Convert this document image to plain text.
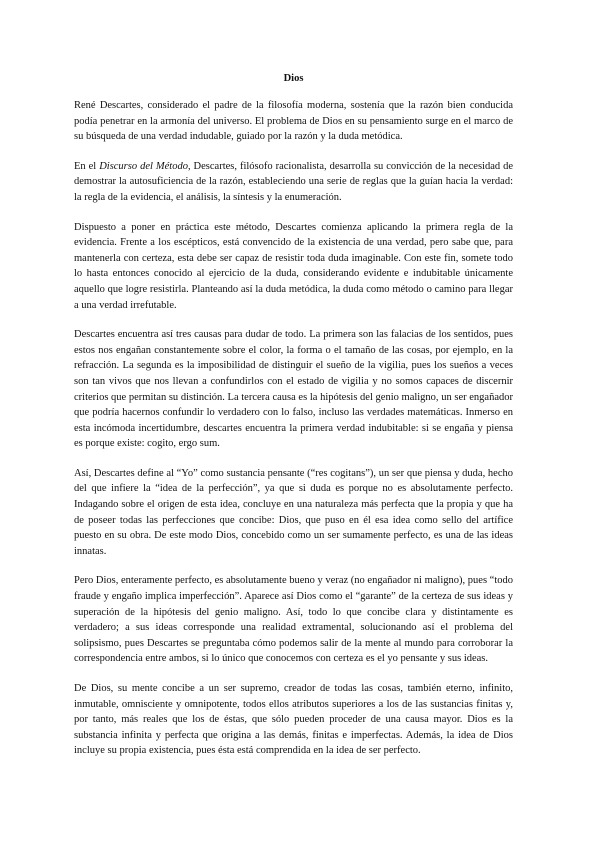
Dios

René Descartes, considerado el padre de la filosofía moderna, sostenía que la razón bien conducida podía penetrar en la armonía del universo. El problema de Dios en su pensamiento surge en el marco de su búsqueda de una verdad indudable, guiado por la razón y la duda metódica.

En el Discurso del Método, Descartes, filósofo racionalista, desarrolla su convicción de la necesidad de demostrar la autosuficiencia de la razón, estableciendo una serie de reglas que la guían hacia la verdad: la regla de la evidencia, el análisis, la síntesis y la enumeración.

Dispuesto a poner en práctica este método, Descartes comienza aplicando la primera regla de la evidencia. Frente a los escépticos, está convencido de la existencia de una verdad, pero sabe que, para mantenerla con certeza, esta debe ser capaz de resistir toda duda imaginable. Con este fin, somete todo lo hasta entonces conocido al ejercicio de la duda, considerando evidente e indubitable únicamente aquello que logre resistirla. Planteando así la duda metódica, la duda como método o camino para llegar a una verdad irrefutable.

Descartes encuentra así tres causas para dudar de todo. La primera son las falacias de los sentidos, pues estos nos engañan constantemente sobre el color, la forma o el tamaño de las cosas, por ejemplo, en la refracción. La segunda es la imposibilidad de distinguir el sueño de la vigilia, pues los sueños a veces son tan vivos que nos llevan a confundirlos con el estado de vigilia y no somos capaces de discernir criterios que permitan su distinción. La tercera causa es la hipótesis del genio maligno, un ser engañador que podría hacernos confundir lo verdadero con lo falso, incluso las verdades matemáticas. Inmerso en esta incómoda incertidumbre, descartes encuentra la primera verdad indubitable: si se engaña y piensa es porque existe: cogito, ergo sum.

Así, Descartes define al “Yo” como sustancia pensante (“res cogitans”), un ser que piensa y duda, hecho del que infiere la “idea de la perfección”, ya que si duda es porque no es absolutamente perfecto. Indagando sobre el origen de esta idea, concluye en una naturaleza más perfecta que la propia y que ha de poseer todas las perfecciones que concibe: Dios, que puso en él esa idea como sello del artífice puesto en su obra. De este modo Dios, concebido como un ser sumamente perfecto, es una de las ideas innatas.

Pero Dios, enteramente perfecto, es absolutamente bueno y veraz (no engañador ni maligno), pues “todo fraude y engaño implica imperfección”. Aparece así Dios como el “garante” de la certeza de sus ideas y superación de la hipótesis del genio maligno. Así, todo lo que concibe clara y distintamente es verdadero; a sus ideas corresponde una realidad extramental, solucionando así el problema del solipsismo, pues Descartes se preguntaba cómo podemos salir de la mente al mundo para corroborar la correspondencia entre ambos, si lo único que conocemos con certeza es el yo pensante y sus ideas.

De Dios, su mente concibe a un ser supremo, creador de todas las cosas, también eterno, infinito, inmutable, omnisciente y omnipotente, todos ellos atributos superiores a los de las sustancias finitas y, por tanto, más reales que los de éstas, que sólo pueden proceder de una causa mayor. Dios es la substancia infinita y perfecta que origina a las demás, finitas e imperfectas. Además, la idea de Dios incluye su propia existencia, pues ésta está comprendida en la idea de ser perfecto.
